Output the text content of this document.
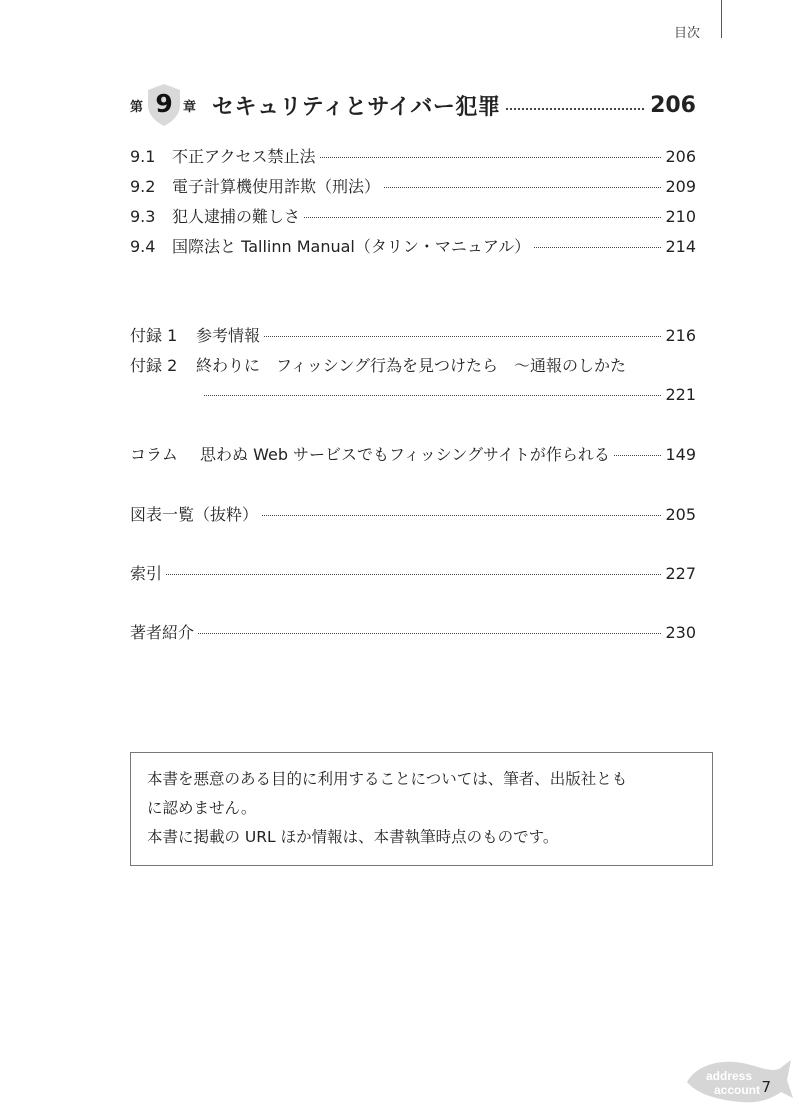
目次
第 9 章 セキュリティとサイバー犯罪	206
9.1	不正アクセス禁止法	206
9.2	電子計算機使用詐欺（刑法）	209
9.3	犯人逮捕の難しさ	210
9.4	国際法と Tallinn Manual（タリン・マニュアル）	214
付録 1	参考情報	216
付録 2	終わりに　フィッシング行為を見つけたら　～通報のしかた
221
コラム	思わぬ Web サービスでもフィッシングサイトが作られる	149
図表一覧（抜粋）	205
索引	227
著者紹介	230

本書を悪意のある目的に利用することについては、筆者、出版社とも

に認めません。

本書に掲載の URL ほか情報は、本書執筆時点のものです。

address
account 7
